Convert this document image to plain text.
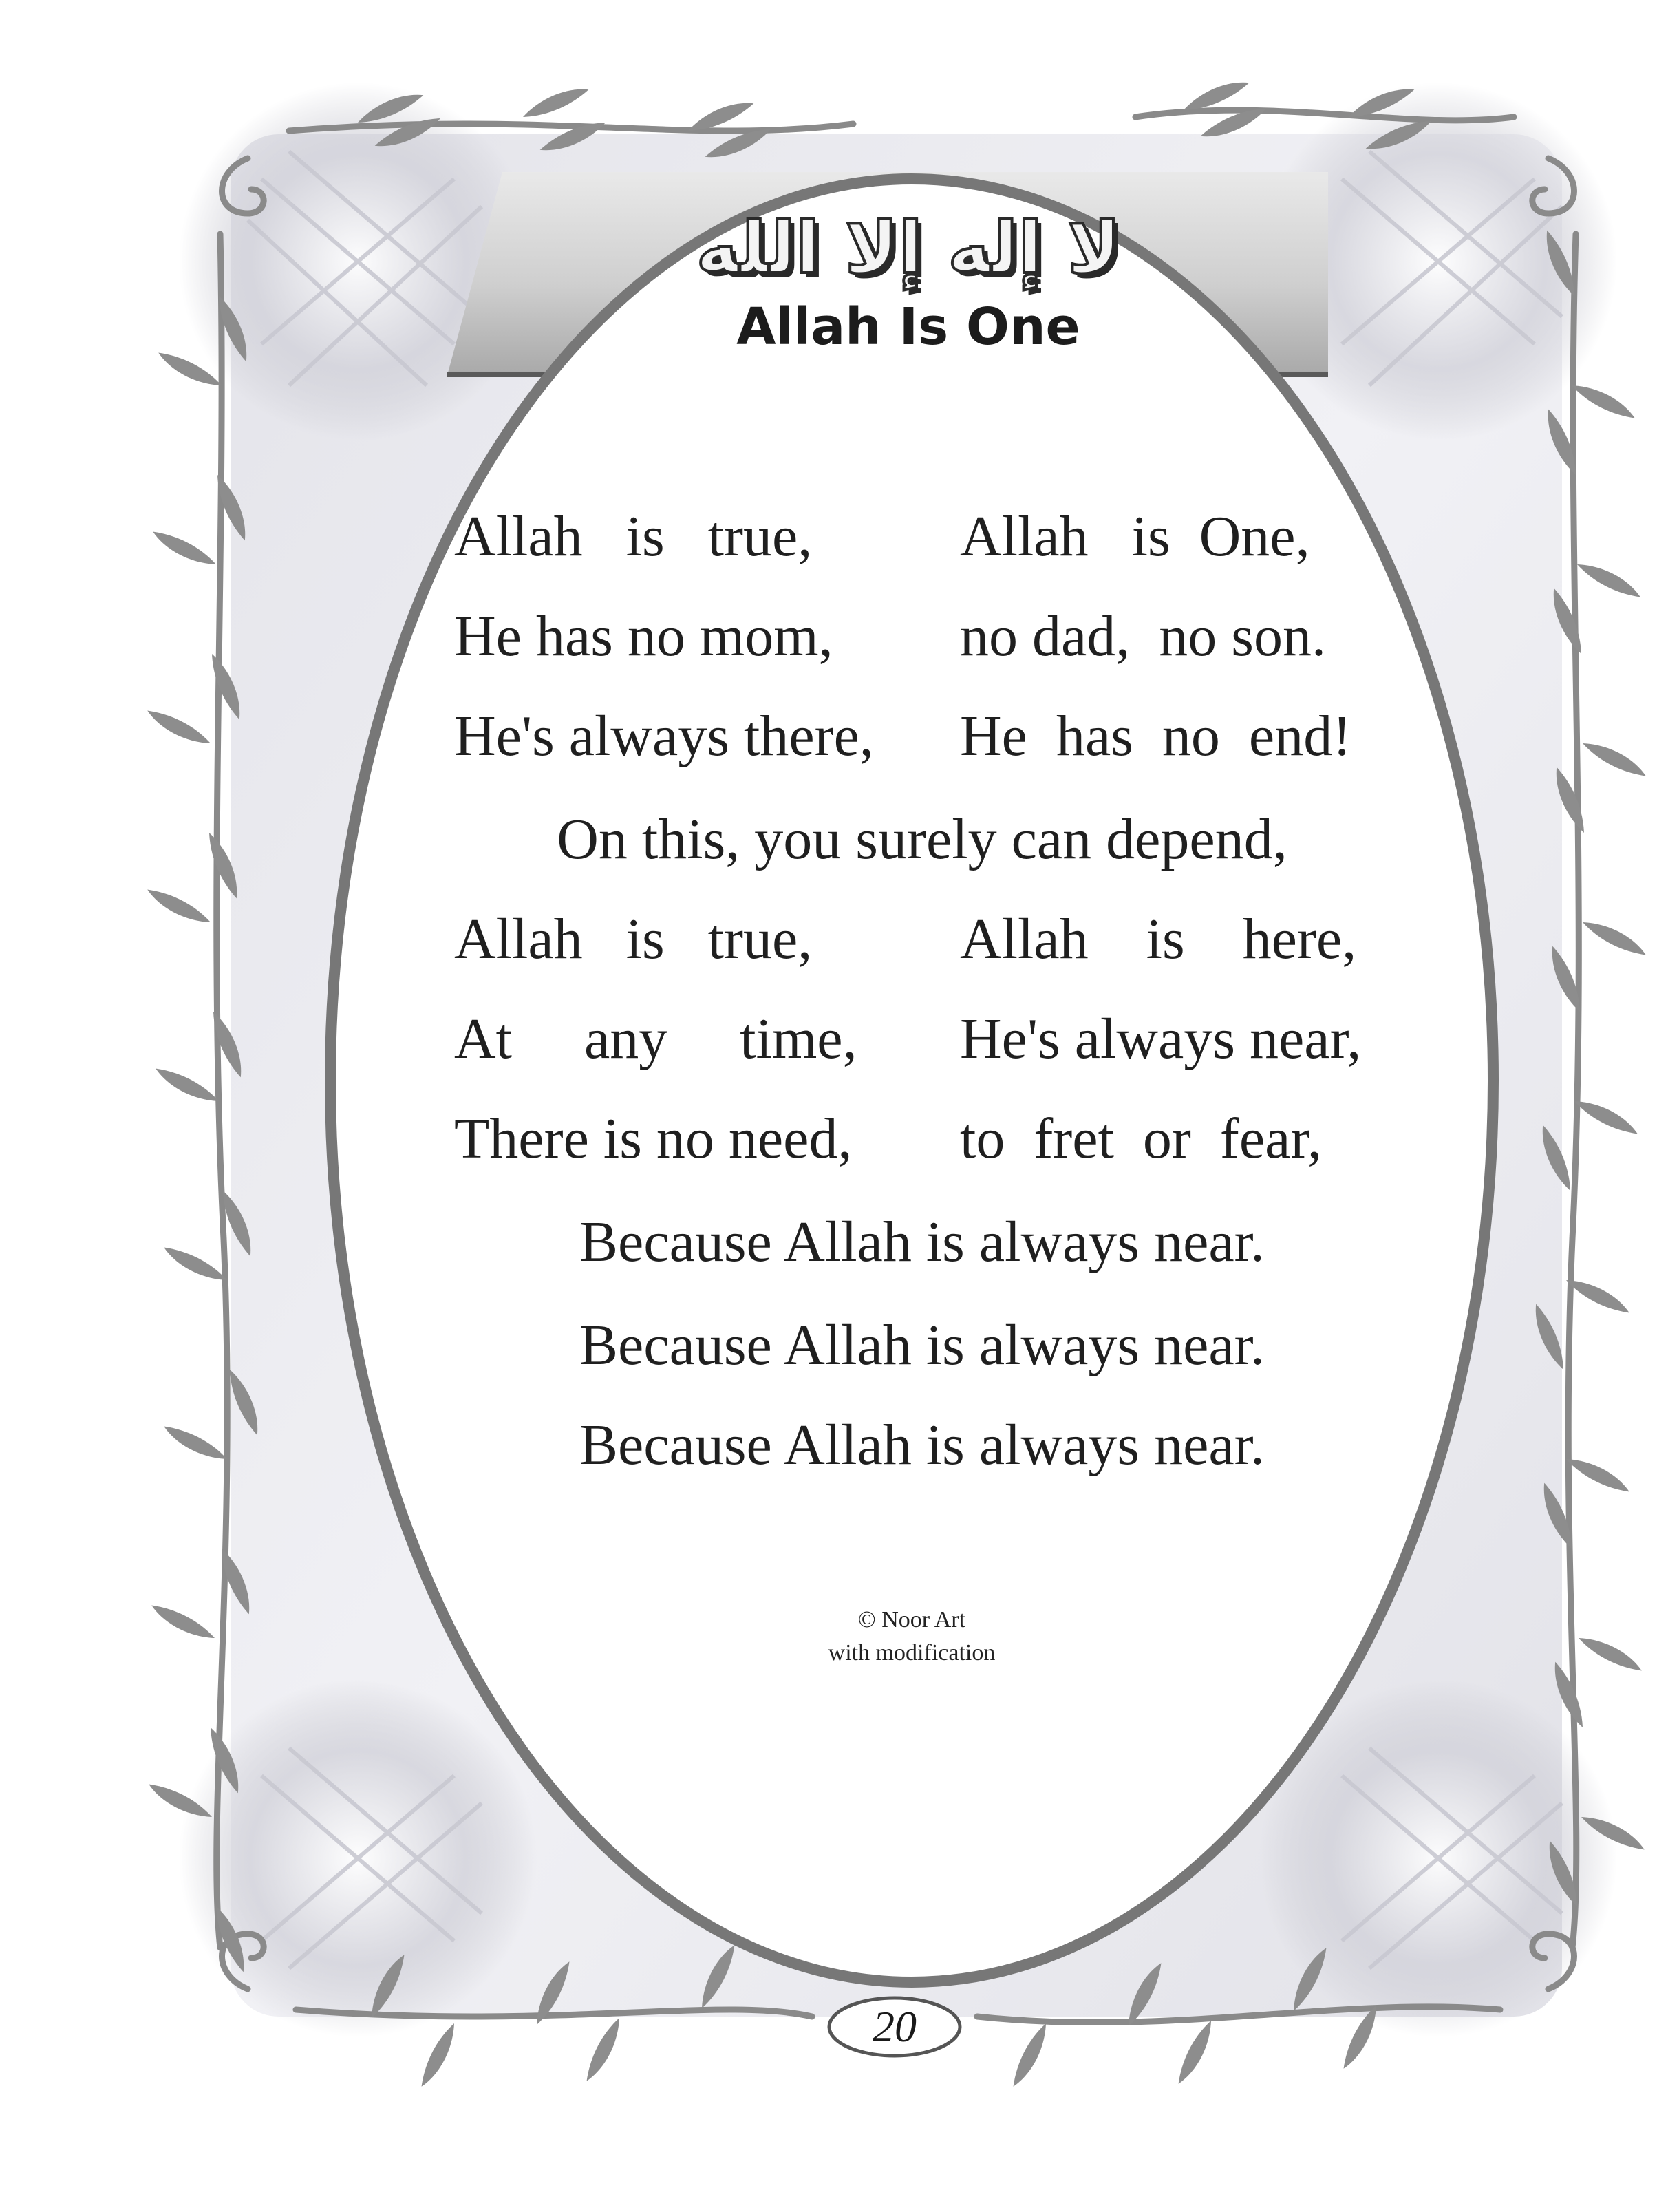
لا إله إلا الله
Allah Is One
Allah   is   true,	Allah   is  One,
He has no mom,	no dad,  no son.
He's always there, He  has  no  end!
On this, you surely can depend,
Allah   is   true,	Allah    is    here,
At     any     time,	He's always near,
There is no need,	to  fret  or  fear,
Because Allah is always near.
Because Allah is always near.
Because Allah is always near.
© Noor Art
with modification
20
